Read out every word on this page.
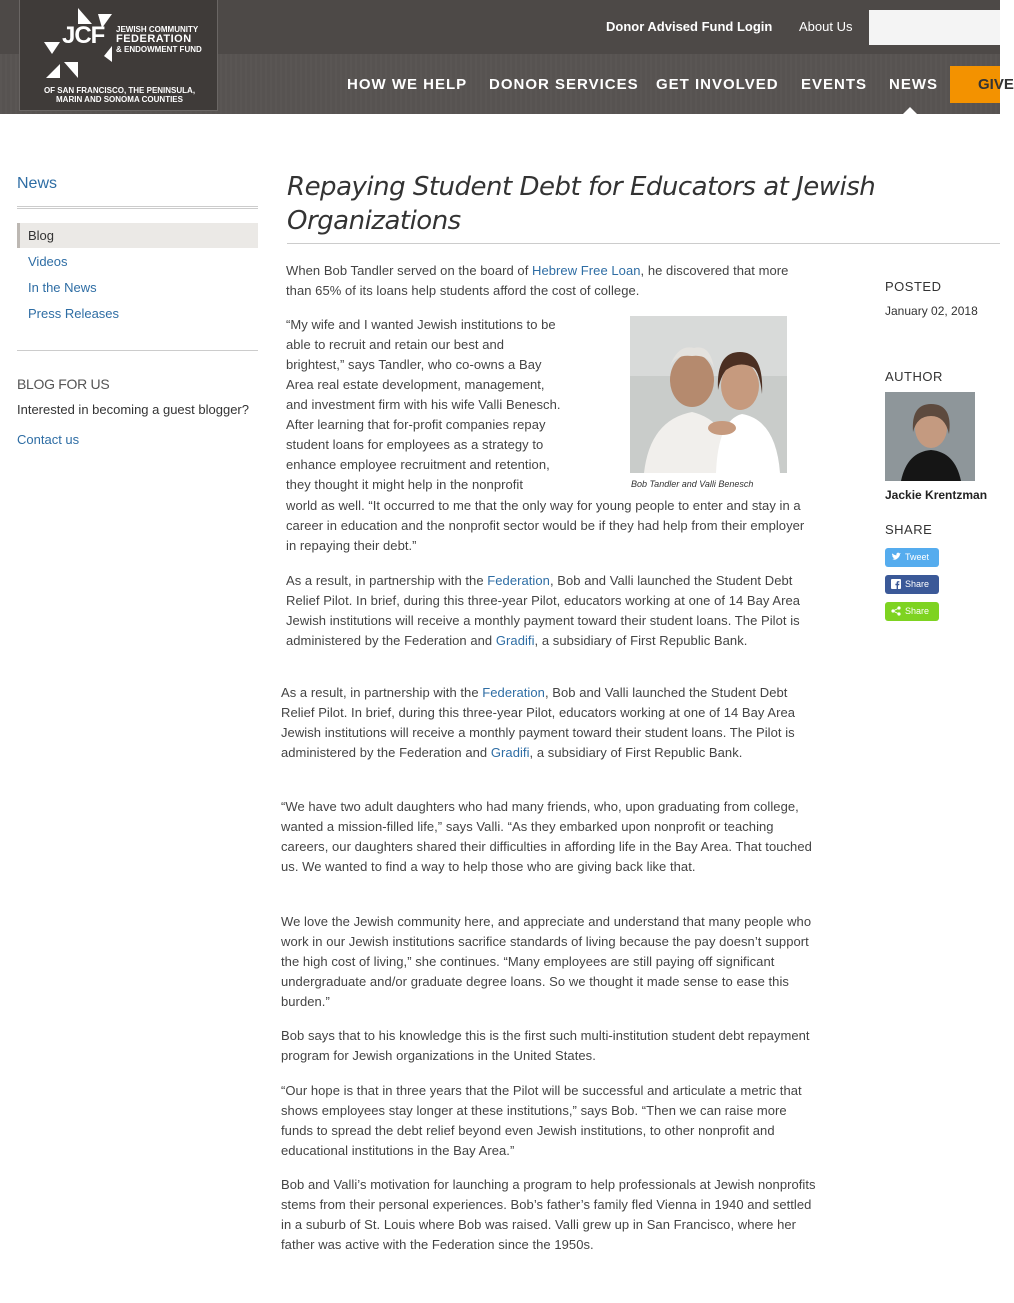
JCF JEWISH COMMUNITY
FEDERATION
& ENDOWMENT FUND
OF SAN FRANCISCO, THE PENINSULA,
MARIN AND SONOMA COUNTIES
Donor Advised Fund Login About Us
HOW WE HELP DONOR SERVICES GET INVOLVED EVENTS NEWS	GIVE
News
Blog
Videos
In the News
Press Releases
BLOG FOR US
Interested in becoming a guest blogger?
Contact us
Repaying Student Debt for Educators at Jewish Organizations

When Bob Tandler served on the board of Hebrew Free Loan, he discovered that more than 65% of its loans help students afford the cost of college.

“My wife and I wanted Jewish institutions to be
able to recruit and retain our best and
brightest,” says Tandler, who co-owns a Bay
Area real estate development, management,
and investment firm with his wife Valli Benesch.
After learning that for-profit companies repay
student loans for employees as a strategy to
enhance employee recruitment and retention,
they thought it might help in the nonprofit

world as well. “It occurred to me that the only way for young people to enter and stay in a career in education and the nonprofit sector would be if they had help from their employer in repaying their debt.”

Bob Tandler and Valli Benesch

As a result, in partnership with the Federation, Bob and Valli launched the Student Debt Relief Pilot. In brief, during this three-year Pilot, educators working at one of 14 Bay Area Jewish institutions will receive a monthly payment toward their student loans. The Pilot is administered by the Federation and Gradifi, a subsidiary of First Republic Bank.

As a result, in partnership with the Federation, Bob and Valli launched the Student Debt Relief Pilot. In brief, during this three-year Pilot, educators working at one of 14 Bay Area Jewish institutions will receive a monthly payment toward their student loans. The Pilot is administered by the Federation and Gradifi, a subsidiary of First Republic Bank.

“We have two adult daughters who had many friends, who, upon graduating from college, wanted a mission-filled life,” says Valli. “As they embarked upon nonprofit or teaching careers, our daughters shared their difficulties in affording life in the Bay Area. That touched us. We wanted to find a way to help those who are giving back like that.

We love the Jewish community here, and appreciate and understand that many people who work in our Jewish institutions sacrifice standards of living because the pay doesn’t support the high cost of living,” she continues. “Many employees are still paying off significant undergraduate and/or graduate degree loans. So we thought it made sense to ease this burden.”

Bob says that to his knowledge this is the first such multi-institution student debt repayment program for Jewish organizations in the United States.

“Our hope is that in three years that the Pilot will be successful and articulate a metric that shows employees stay longer at these institutions,” says Bob. “Then we can raise more funds to spread the debt relief beyond even Jewish institutions, to other nonprofit and educational institutions in the Bay Area.”

Bob and Valli’s motivation for launching a program to help professionals at Jewish nonprofits stems from their personal experiences. Bob’s father’s family fled Vienna in 1940 and settled in a suburb of St. Louis where Bob was raised. Valli grew up in San Francisco, where her father was active with the Federation since the 1950s.

POSTED
January 02, 2018
AUTHOR
Jackie Krentzman
SHARE
Tweet
Share
Share
